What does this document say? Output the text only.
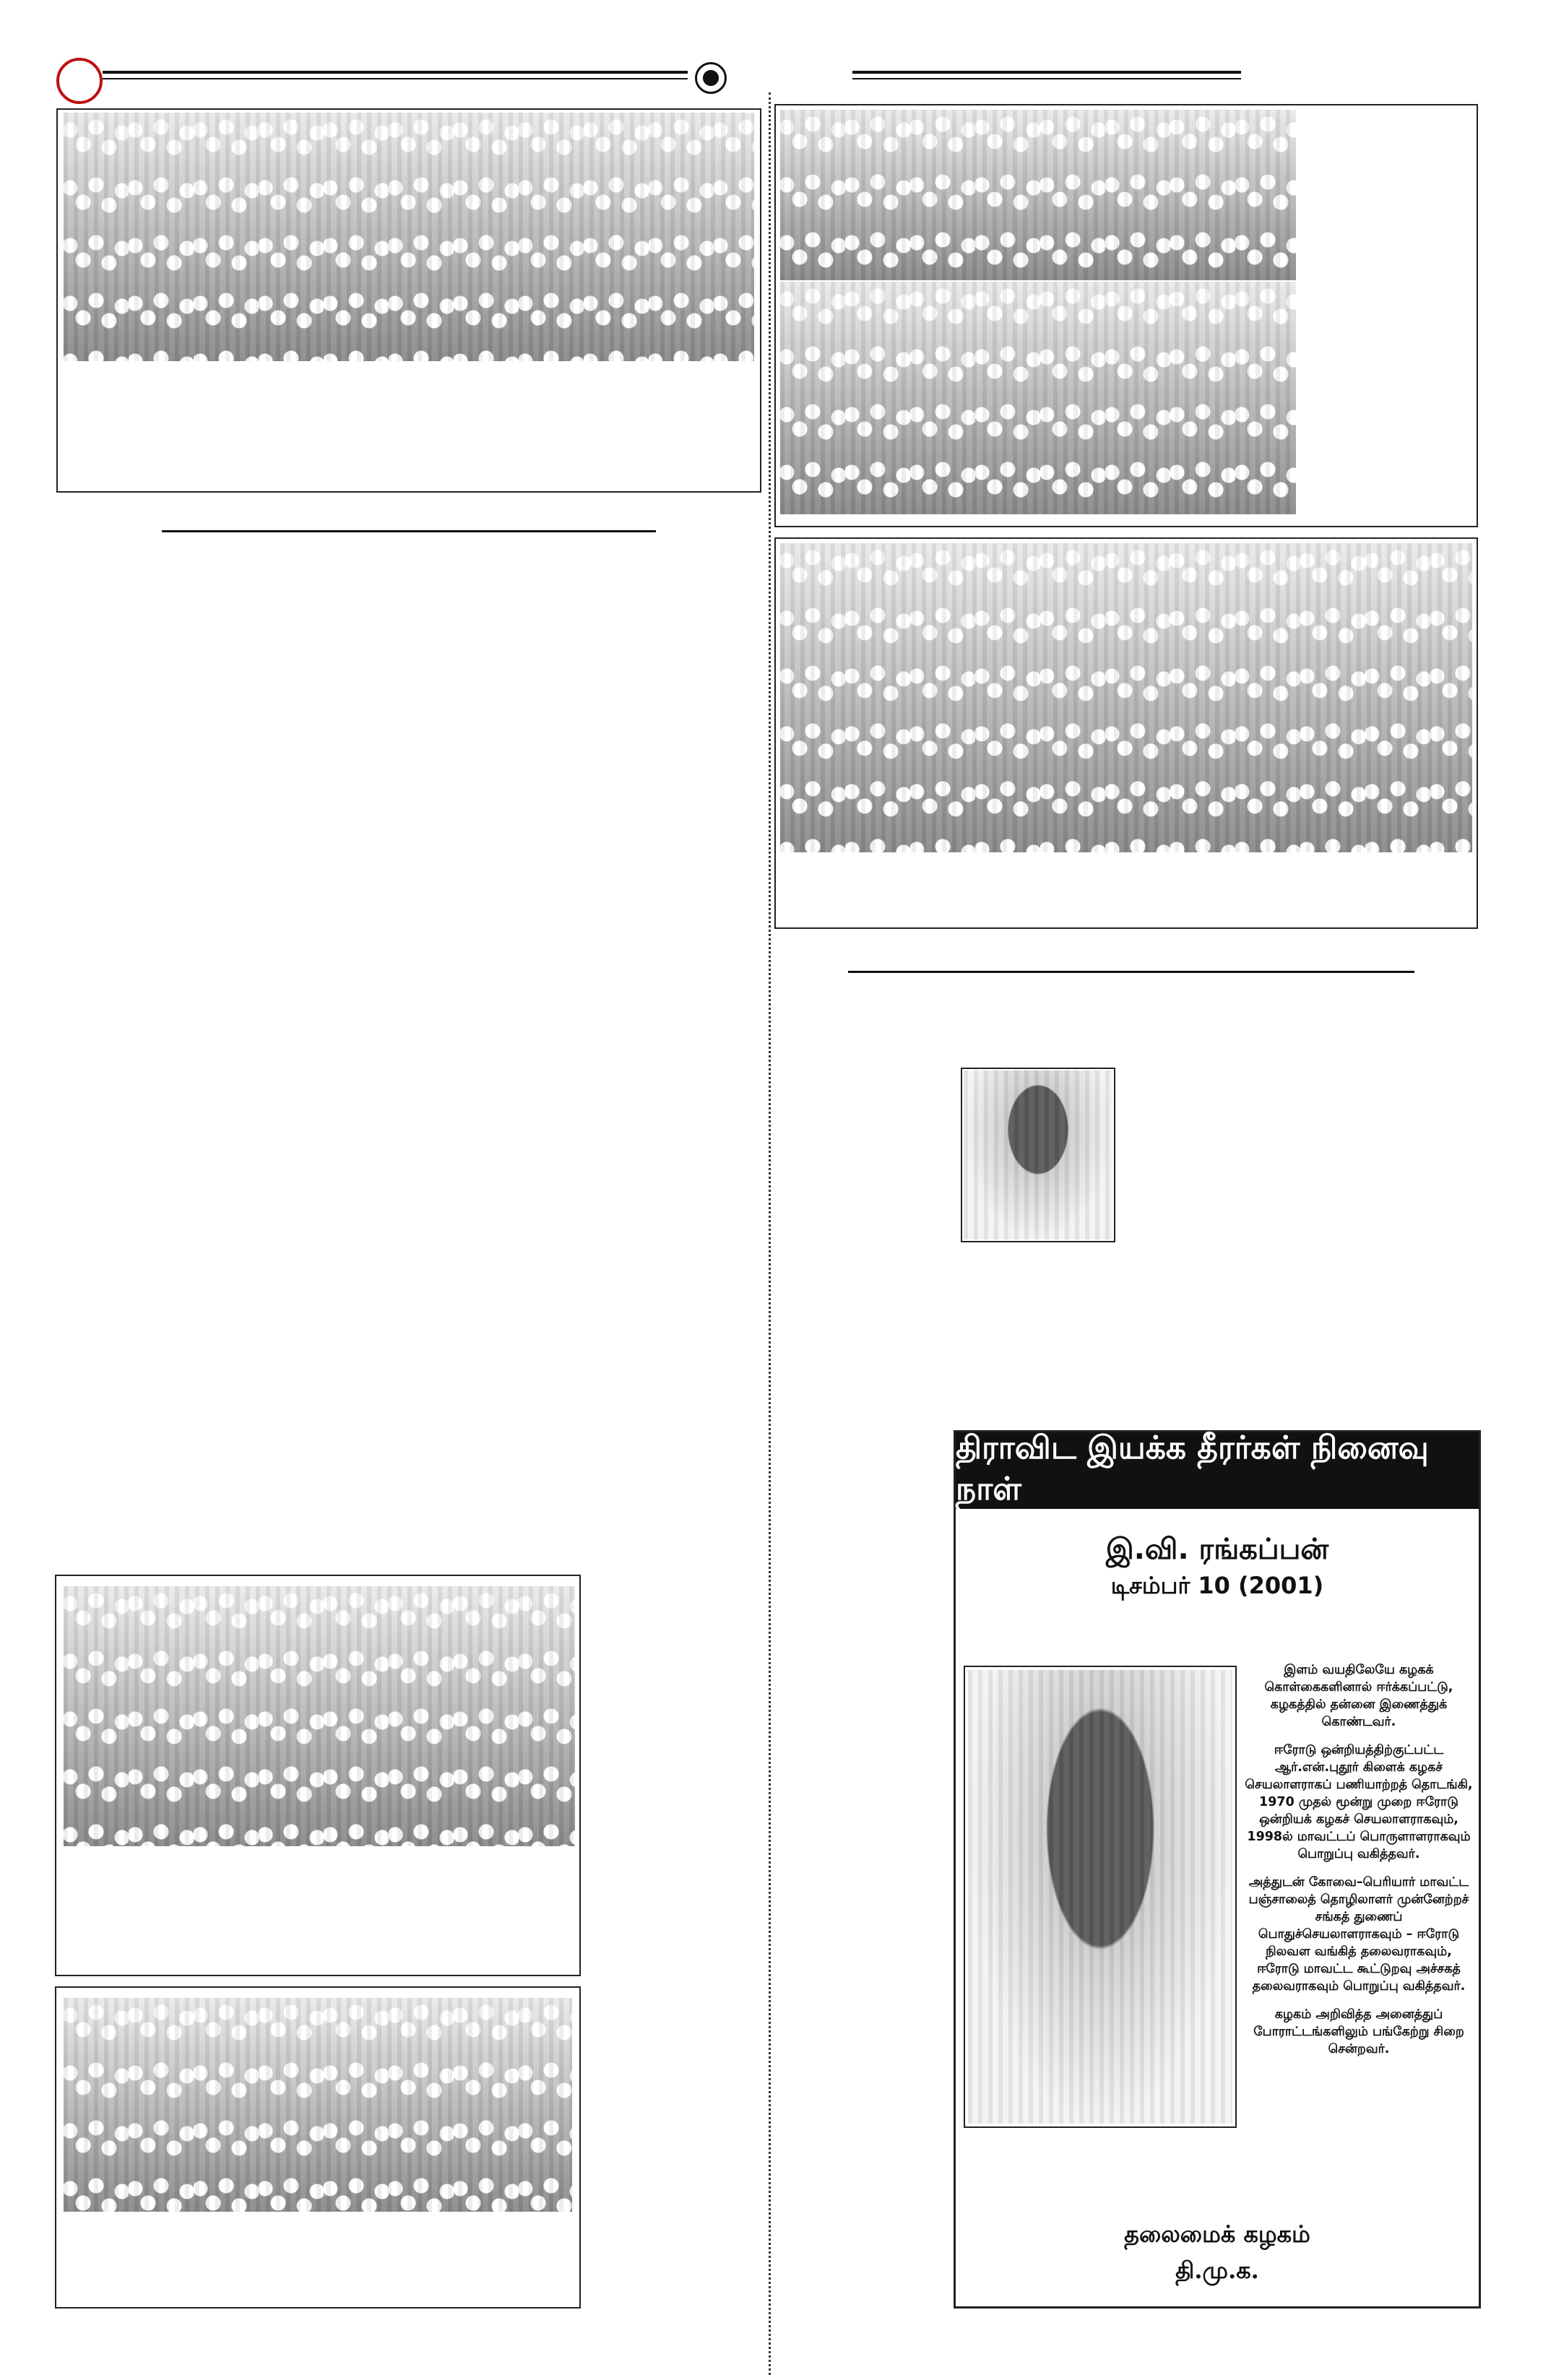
திராவிட இயக்க தீரர்கள் நினைவு நாள்
இ.வி. ரங்கப்பன்
டிசம்பர் 10 (2001)

இளம் வயதிலேயே கழகக் கொள்கைகளினால் ஈர்க்கப்பட்டு, கழகத்தில் தன்னை இணைத்துக் கொண்டவர்.

ஈரோடு ஒன்றியத்திற்குட்பட்ட ஆர்.என்.புதூர் கிளைக் கழகச் செயலாளராகப் பணியாற்றத் தொடங்கி, 1970 முதல் மூன்று முறை ஈரோடு ஒன்றியக் கழகச் செயலாளராகவும், 1998ல் மாவட்டப் பொருளாளராகவும் பொறுப்பு வகித்தவர்.

அத்துடன் கோவை–பெரியார் மாவட்ட பஞ்சாலைத் தொழிலாளர் முன்னேற்றச் சங்கத் துணைப் பொதுச்செயலாளராகவும் – ஈரோடு நிலவள வங்கித் தலைவராகவும், ஈரோடு மாவட்ட கூட்டுறவு அச்சகத் தலைவராகவும் பொறுப்பு வகித்தவர்.

கழகம் அறிவித்த அனைத்துப் போராட்டங்களிலும் பங்கேற்று சிறை சென்றவர்.

தலைமைக் கழகம்
தி.மு.க.
